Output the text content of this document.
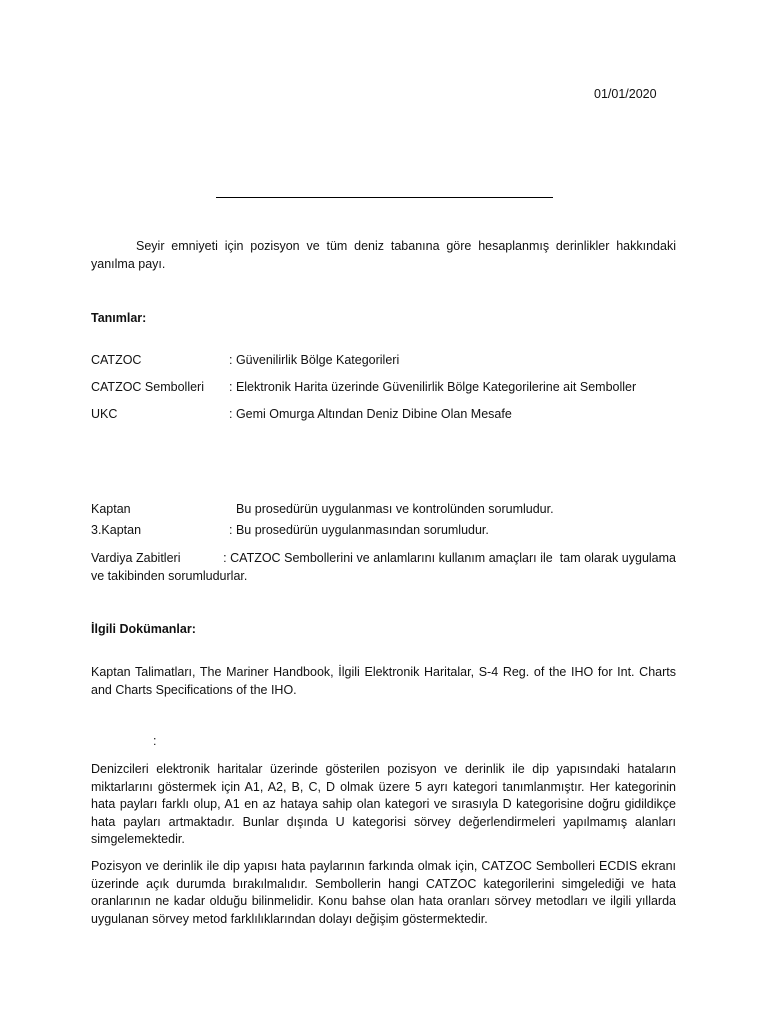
01/01/2020
Seyir emniyeti için pozisyon ve tüm deniz tabanına göre hesaplanmış derinlikler hakkındaki yanılma payı.
Tanımlar:
CATZOC	: Güvenilirlik Bölge Kategorileri
CATZOC Sembolleri : Elektronik Harita üzerinde Güvenilirlik Bölge Kategorilerine ait Semboller
UKC	: Gemi Omurga Altından Deniz Dibine Olan Mesafe
Kaptan	Bu prosedürün uygulanması ve kontrolünden sorumludur.
3.Kaptan	: Bu prosedürün uygulanmasından sorumludur.
Vardiya Zabitleri            : CATZOC Sembollerini ve anlamlarını kullanım amaçları ile  tam olarak uygulama ve takibinden sorumludurlar.
İlgili Dokümanlar:
Kaptan Talimatları, The Mariner Handbook, İlgili Elektronik Haritalar, S-4 Reg. of the IHO for Int. Charts and Charts Specifications of the IHO.
:
Denizcileri elektronik haritalar üzerinde gösterilen pozisyon ve derinlik ile dip yapısındaki hataların miktarlarını göstermek için A1, A2, B, C, D olmak üzere 5 ayrı kategori tanımlanmıştır. Her kategorinin hata payları farklı olup, A1 en az hataya sahip olan kategori ve sırasıyla D kategorisine doğru gidildikçe hata payları artmaktadır. Bunlar dışında U kategorisi sörvey değerlendirmeleri yapılmamış alanları simgelemektedir.
Pozisyon ve derinlik ile dip yapısı hata paylarının farkında olmak için, CATZOC Sembolleri ECDIS ekranı üzerinde açık durumda bırakılmalıdır. Sembollerin hangi CATZOC kategorilerini simgelediği ve hata oranlarının ne kadar olduğu bilinmelidir. Konu bahse olan hata oranları sörvey metodları ve ilgili yıllarda uygulanan sörvey metod farklılıklarından dolayı değişim göstermektedir.
